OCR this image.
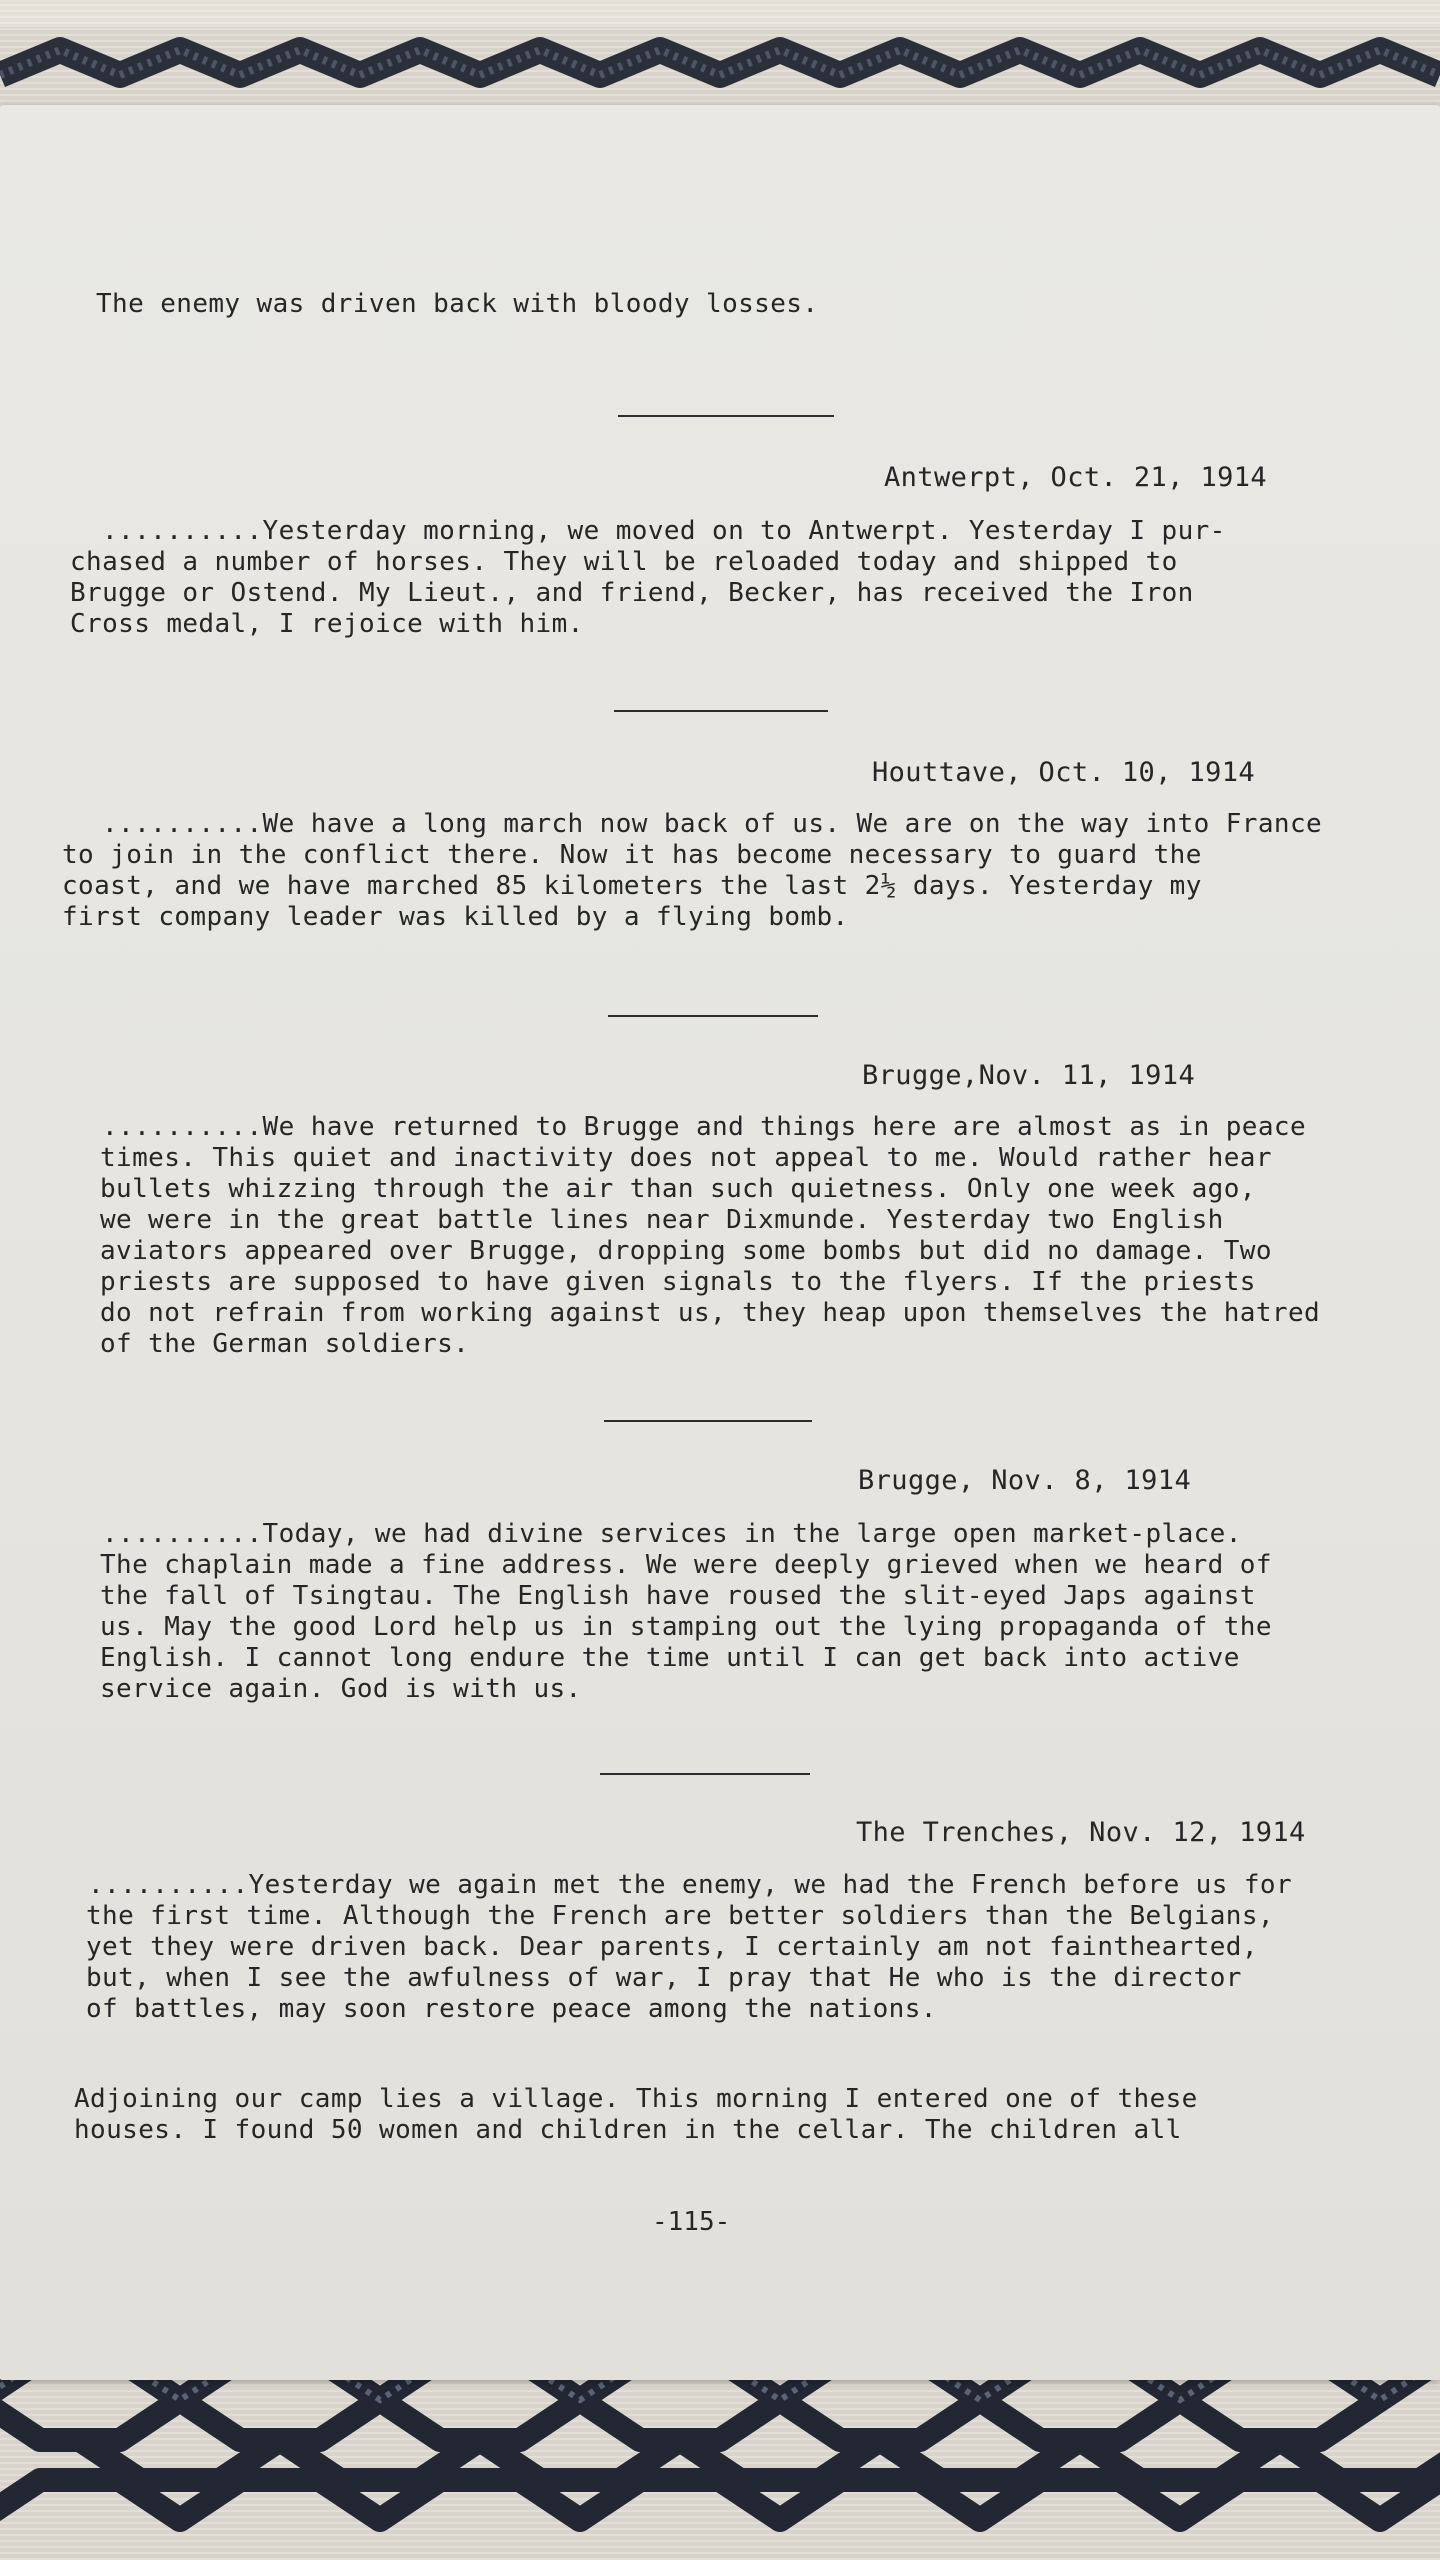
The enemy was driven back with bloody losses.
Antwerpt, Oct. 21, 1914
..........Yesterday morning, we moved on to Antwerpt. Yesterday I pur-
chased a number of horses. They will be reloaded today and shipped to
Brugge or Ostend. My Lieut., and friend, Becker, has received the Iron
Cross medal, I rejoice with him.
Houttave, Oct. 10, 1914
..........We have a long march now back of us. We are on the way into France
to join in the conflict there. Now it has become necessary to guard the
coast, and we have marched 85 kilometers the last 2½ days. Yesterday my
first company leader was killed by a flying bomb.
Brugge,Nov. 11, 1914
..........We have returned to Brugge and things here are almost as in peace
times. This quiet and inactivity does not appeal to me. Would rather hear
bullets whizzing through the air than such quietness. Only one week ago,
we were in the great battle lines near Dixmunde. Yesterday two English
aviators appeared over Brugge, dropping some bombs but did no damage. Two
priests are supposed to have given signals to the flyers. If the priests
do not refrain from working against us, they heap upon themselves the hatred
of the German soldiers.
Brugge, Nov. 8, 1914
..........Today, we had divine services in the large open market-place.
The chaplain made a fine address. We were deeply grieved when we heard of
the fall of Tsingtau. The English have roused the slit-eyed Japs against
us. May the good Lord help us in stamping out the lying propaganda of the
English. I cannot long endure the time until I can get back into active
service again. God is with us.
The Trenches, Nov. 12, 1914
..........Yesterday we again met the enemy, we had the French before us for
the first time. Although the French are better soldiers than the Belgians,
yet they were driven back. Dear parents, I certainly am not fainthearted,
but, when I see the awfulness of war, I pray that He who is the director
of battles, may soon restore peace among the nations.
Adjoining our camp lies a village. This morning I entered one of these
houses. I found 50 women and children in the cellar. The children all
-115-
